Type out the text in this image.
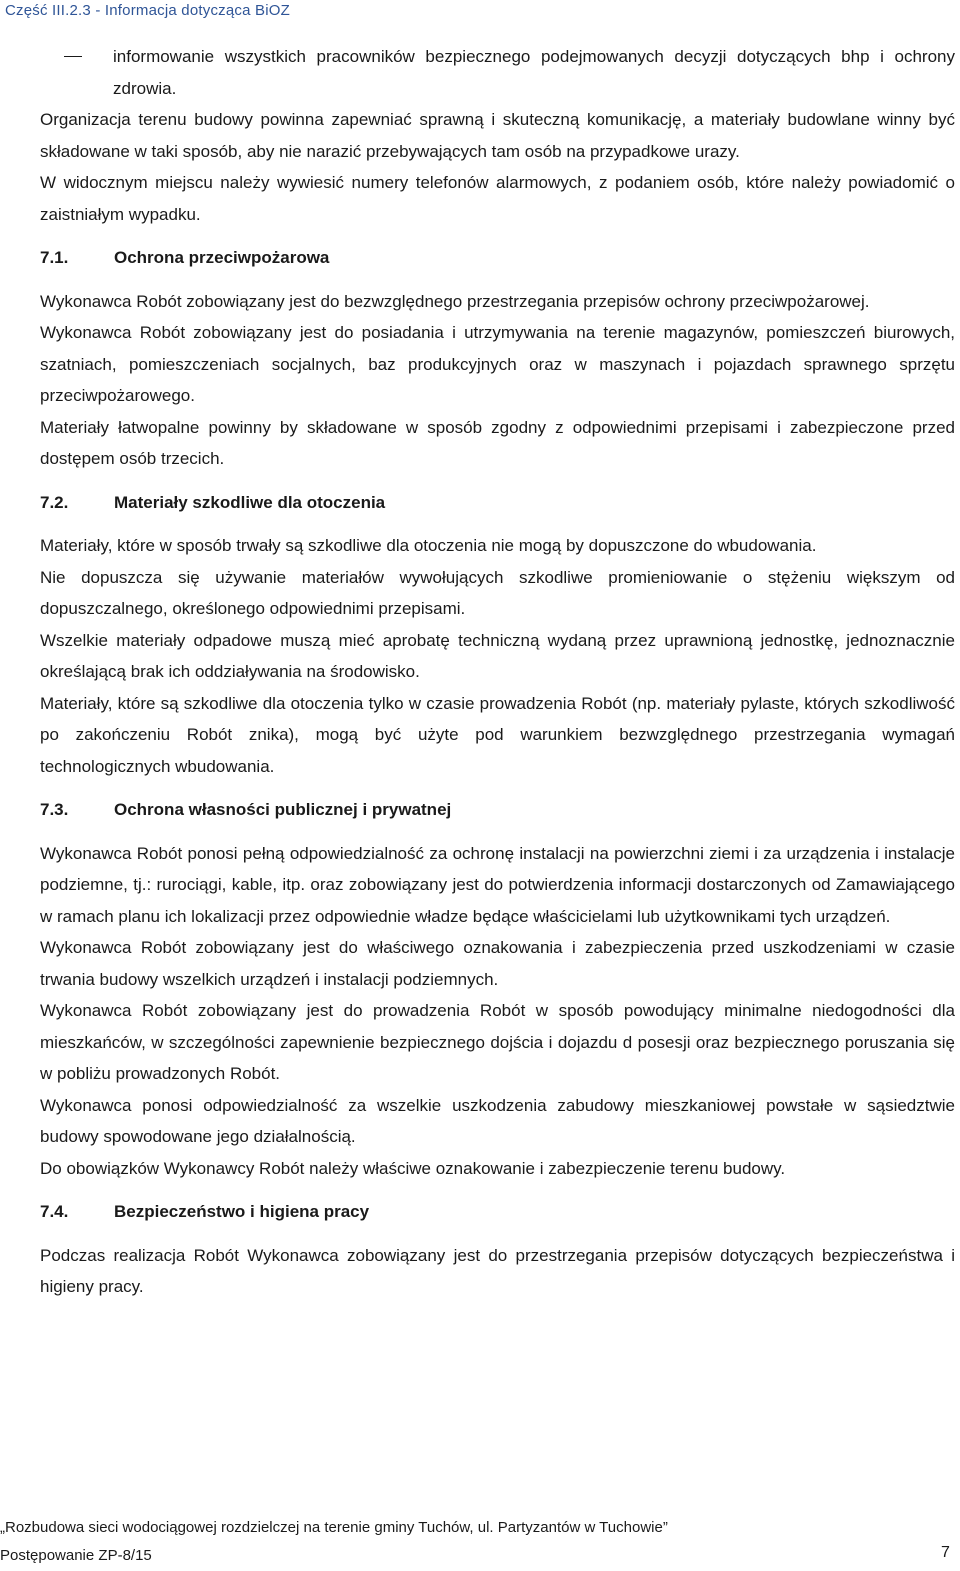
Część III.2.3 - Informacja dotycząca BiOZ

informowanie wszystkich pracowników bezpiecznego podejmowanych decyzji dotyczących bhp i ochrony zdrowia.

Organizacja terenu budowy powinna zapewniać sprawną i skuteczną komunikację, a materiały budowlane winny być składowane w taki sposób, aby nie narazić przebywających tam osób na przypadkowe urazy.

W widocznym miejscu należy wywiesić numery telefonów alarmowych, z podaniem osób, które należy powiadomić o zaistniałym wypadku.

7.1.	Ochrona przeciwpożarowa

Wykonawca Robót zobowiązany jest do bezwzględnego przestrzegania przepisów ochrony przeciwpożarowej.

Wykonawca Robót zobowiązany jest do posiadania i utrzymywania na terenie magazynów, pomieszczeń biurowych, szatniach, pomieszczeniach socjalnych, baz produkcyjnych oraz w maszynach i pojazdach sprawnego sprzętu przeciwpożarowego.

Materiały łatwopalne powinny by składowane w sposób zgodny z odpowiednimi przepisami i zabezpieczone przed dostępem osób trzecich.

7.2.	Materiały szkodliwe dla otoczenia

Materiały, które w sposób trwały są szkodliwe dla otoczenia nie mogą by dopuszczone do wbudowania.

Nie dopuszcza się używanie materiałów wywołujących szkodliwe promieniowanie o stężeniu większym od dopuszczalnego, określonego odpowiednimi przepisami.

Wszelkie materiały odpadowe muszą mieć aprobatę techniczną wydaną przez uprawnioną jednostkę, jednoznacznie określającą brak ich oddziaływania na środowisko.

Materiały, które są szkodliwe dla otoczenia tylko w czasie prowadzenia Robót (np. materiały pylaste, których szkodliwość po zakończeniu Robót znika), mogą być użyte pod warunkiem bezwzględnego przestrzegania wymagań technologicznych wbudowania.

7.3.	Ochrona własności publicznej i prywatnej

Wykonawca Robót ponosi pełną odpowiedzialność za ochronę instalacji na powierzchni ziemi i za urządzenia i instalacje podziemne, tj.: rurociągi, kable, itp. oraz zobowiązany jest do potwierdzenia informacji dostarczonych od Zamawiającego w ramach planu ich lokalizacji przez odpowiednie władze będące właścicielami lub użytkownikami tych urządzeń.

Wykonawca Robót zobowiązany jest do właściwego oznakowania i zabezpieczenia przed uszkodzeniami w czasie trwania budowy wszelkich urządzeń i instalacji podziemnych.

Wykonawca Robót zobowiązany jest do prowadzenia Robót w sposób powodujący minimalne niedogodności dla mieszkańców, w szczególności zapewnienie bezpiecznego dojścia i dojazdu d posesji oraz bezpiecznego poruszania się w pobliżu prowadzonych Robót.

Wykonawca ponosi odpowiedzialność za wszelkie uszkodzenia zabudowy mieszkaniowej powstałe w sąsiedztwie budowy spowodowane jego działalnością.

Do obowiązków Wykonawcy Robót należy właściwe oznakowanie i zabezpieczenie terenu budowy.

7.4.	Bezpieczeństwo i higiena pracy

Podczas realizacja Robót Wykonawca zobowiązany jest do przestrzegania przepisów dotyczących bezpieczeństwa i higieny pracy.

„Rozbudowa sieci wodociągowej rozdzielczej na terenie gminy Tuchów, ul. Partyzantów w Tuchowie”
Postępowanie ZP-8/15	7
